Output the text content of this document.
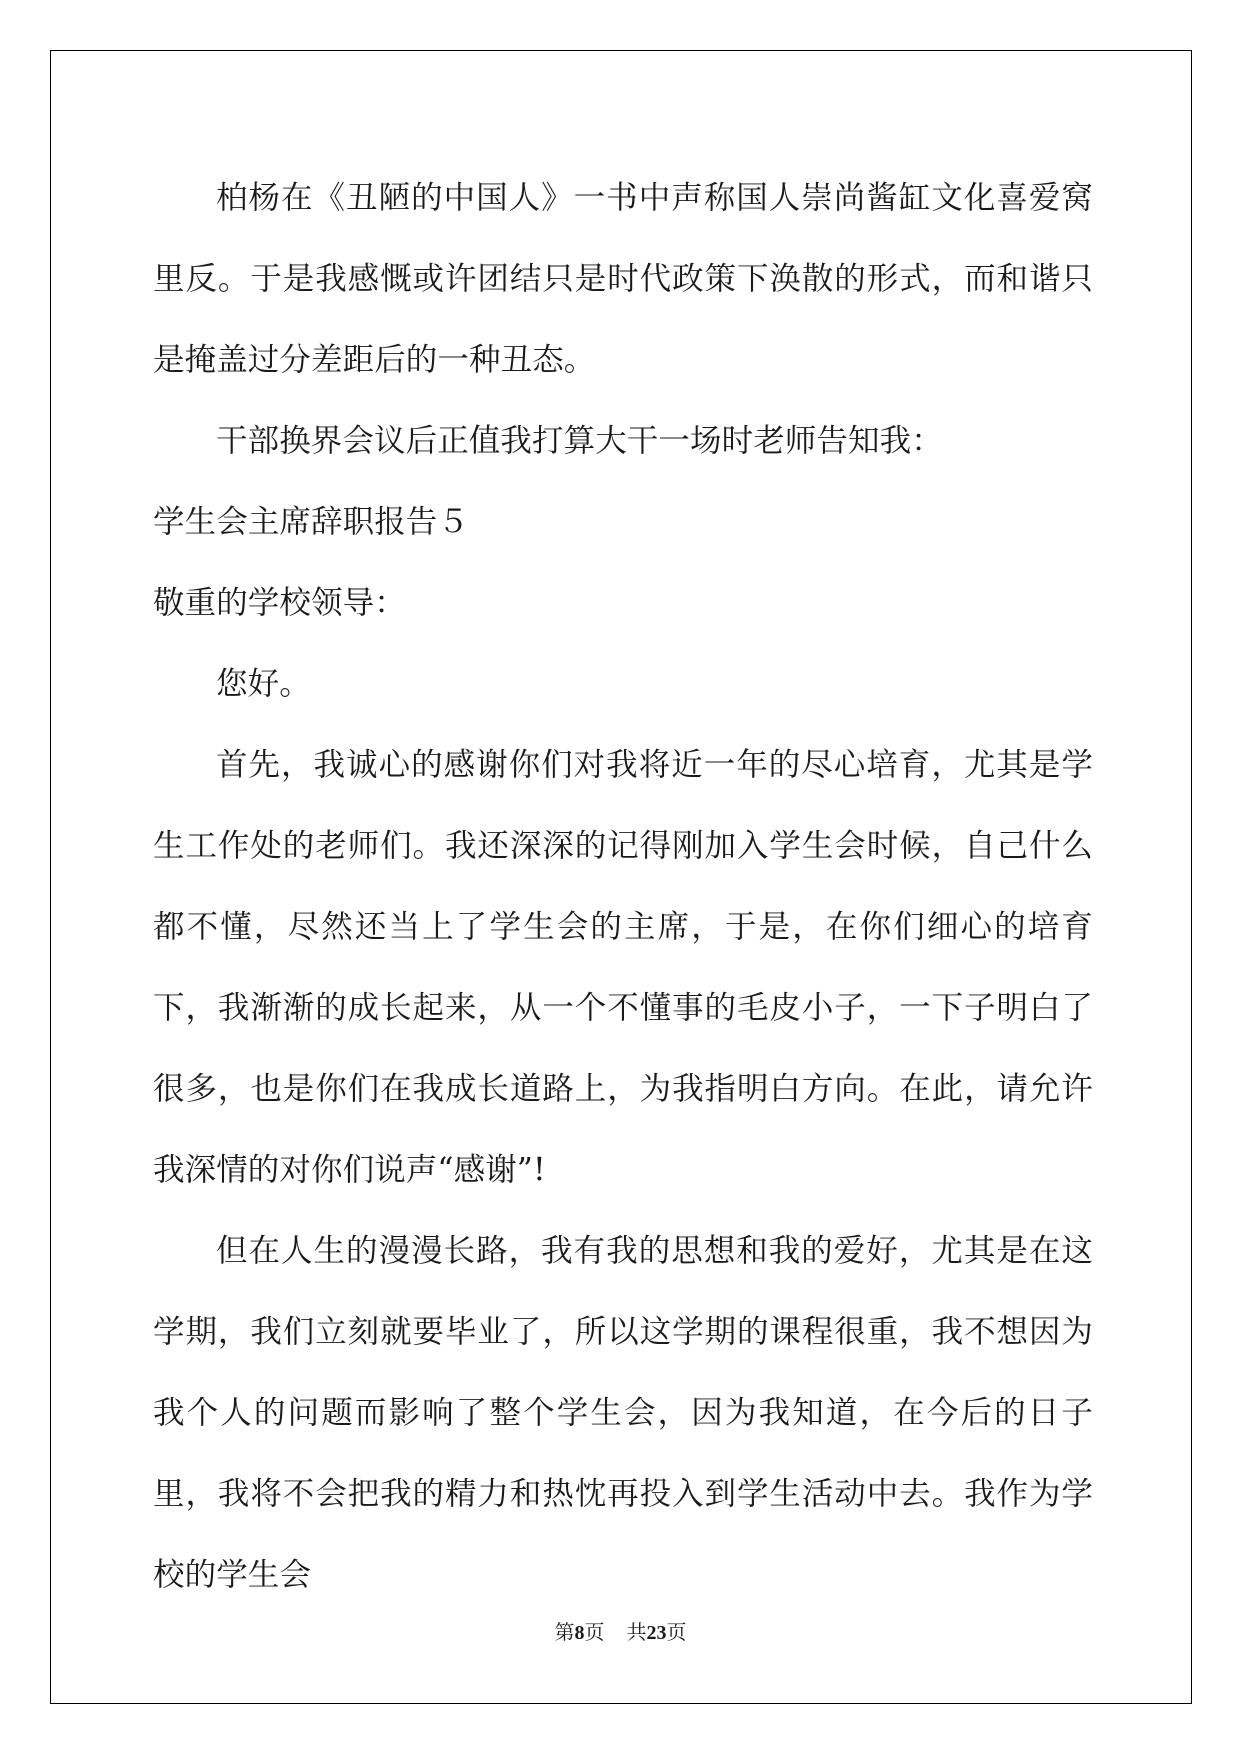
柏杨在《丑陋的中国人》一书中声称国人崇尚酱缸文化喜爱窝里反。于是我感慨或许团结只是时代政策下涣散的形式，而和谐只是掩盖过分差距后的一种丑态。

干部换界会议后正值我打算大干一场时老师告知我：

学生会主席辞职报告５

敬重的学校领导：

您好。

首先，我诚心的感谢你们对我将近一年的尽心培育，尤其是学生工作处的老师们。我还深深的记得刚加入学生会时候，自己什么都不懂，尽然还当上了学生会的主席，于是，在你们细心的培育下，我渐渐的成长起来，从一个不懂事的毛皮小子，一下子明白了很多，也是你们在我成长道路上，为我指明白方向。在此，请允许我深情的对你们说声“感谢”!

但在人生的漫漫长路，我有我的思想和我的爱好，尤其是在这学期，我们立刻就要毕业了，所以这学期的课程很重，我不想因为我个人的问题而影响了整个学生会，因为我知道，在今后的日子里，我将不会把我的精力和热忱再投入到学生活动中去。我作为学校的学生会

第8页 共23页
